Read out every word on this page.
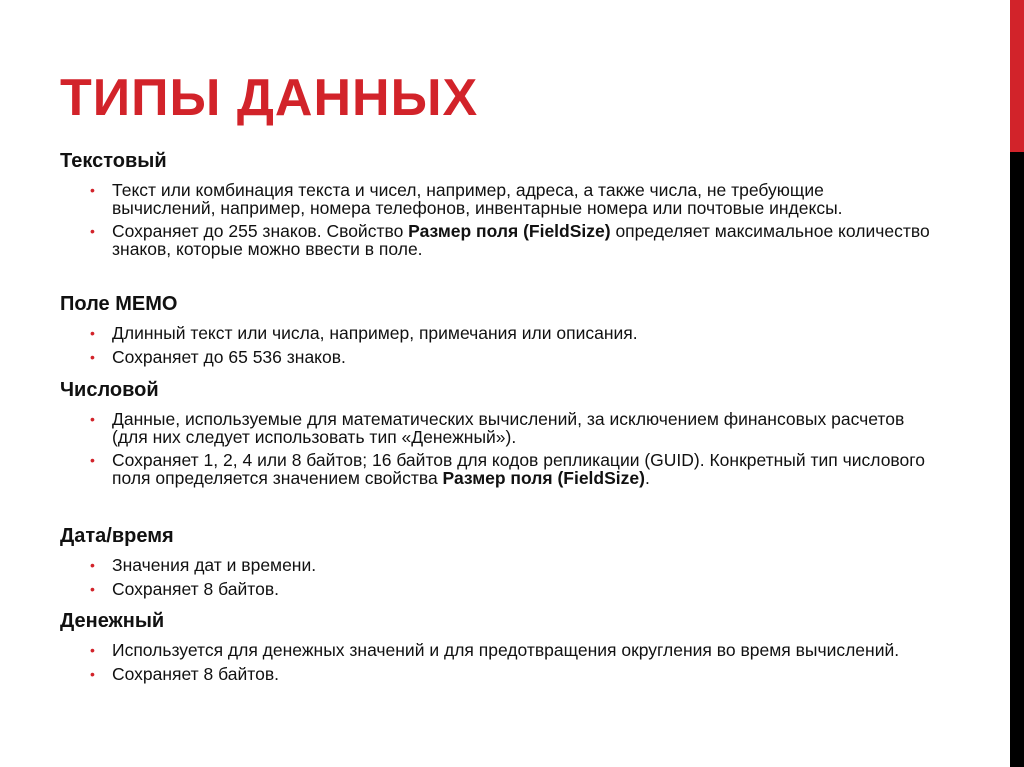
ТИПЫ ДАННЫХ
Текстовый
• Текст или комбинация текста и чисел, например, адреса, а также числа, не требующие вычислений, например, номера телефонов, инвентарные номера или почтовые индексы.
• Сохраняет до 255 знаков. Свойство Размер поля (FieldSize) определяет максимальное количество знаков, которые можно ввести в поле.
Поле MEMO
• Длинный текст или числа, например, примечания или описания.
• Сохраняет до 65 536 знаков.
Числовой
• Данные, используемые для математических вычислений, за исключением финансовых расчетов (для них следует использовать тип «Денежный»).
• Сохраняет 1, 2, 4 или 8 байтов; 16 байтов для кодов репликации (GUID). Конкретный тип числового поля определяется значением свойства Размер поля (FieldSize).
Дата/время
• Значения дат и времени.
• Сохраняет 8 байтов.
Денежный
• Используется для денежных значений и для предотвращения округления во время вычислений.
• Сохраняет 8 байтов.
